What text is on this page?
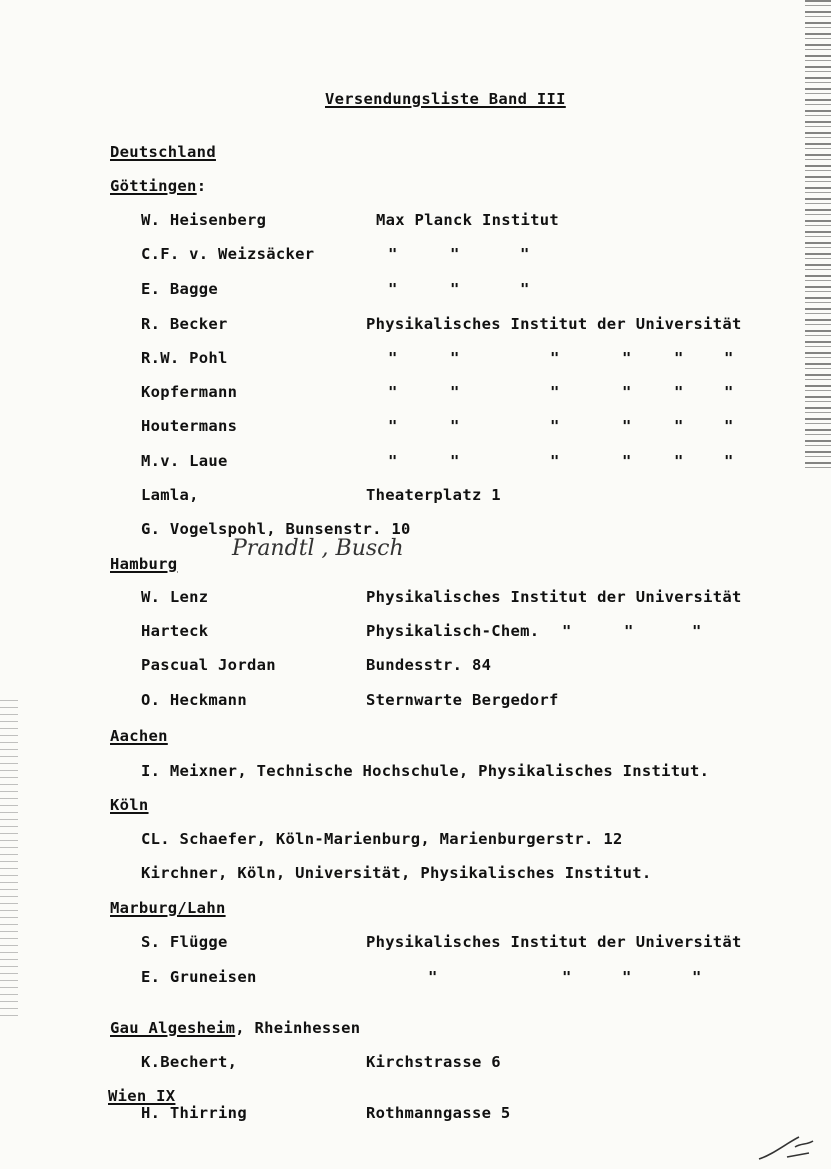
Versendungsliste Band III
Deutschland
Göttingen:
W. Heisenberg	Max Planck Institut
C.F. v. Weizsäcker	"	"	"
E. Bagge	"	"	"
R. Becker	Physikalisches Institut der Universität
R.W. Pohl	"	"	"	"	"	"
Kopfermann	"	"	"	"	"	"
Houtermans	"	"	"	"	"	"
M.v. Laue	"	"	"	"	"	"
Lamla,	Theaterplatz 1
G. Vogelspohl, Bunsenstr. 10
Hamburg
Prandtl , Busch
W. Lenz	Physikalisches Institut der Universität
Harteck	Physikalisch-Chem. "	"	"
Pascual Jordan	Bundesstr. 84
O. Heckmann	Sternwarte Bergedorf
Aachen
I. Meixner, Technische Hochschule, Physikalisches Institut.
Köln
CL. Schaefer, Köln-Marienburg, Marienburgerstr. 12
Kirchner, Köln, Universität, Physikalisches Institut.
Marburg/Lahn
S. Flügge	Physikalisches Institut der Universität
E. Gruneisen	"	"	"	"
Gau Algesheim, Rheinhessen
K.Bechert,	Kirchstrasse 6
Wien IX
H. Thirring	Rothmanngasse 5
